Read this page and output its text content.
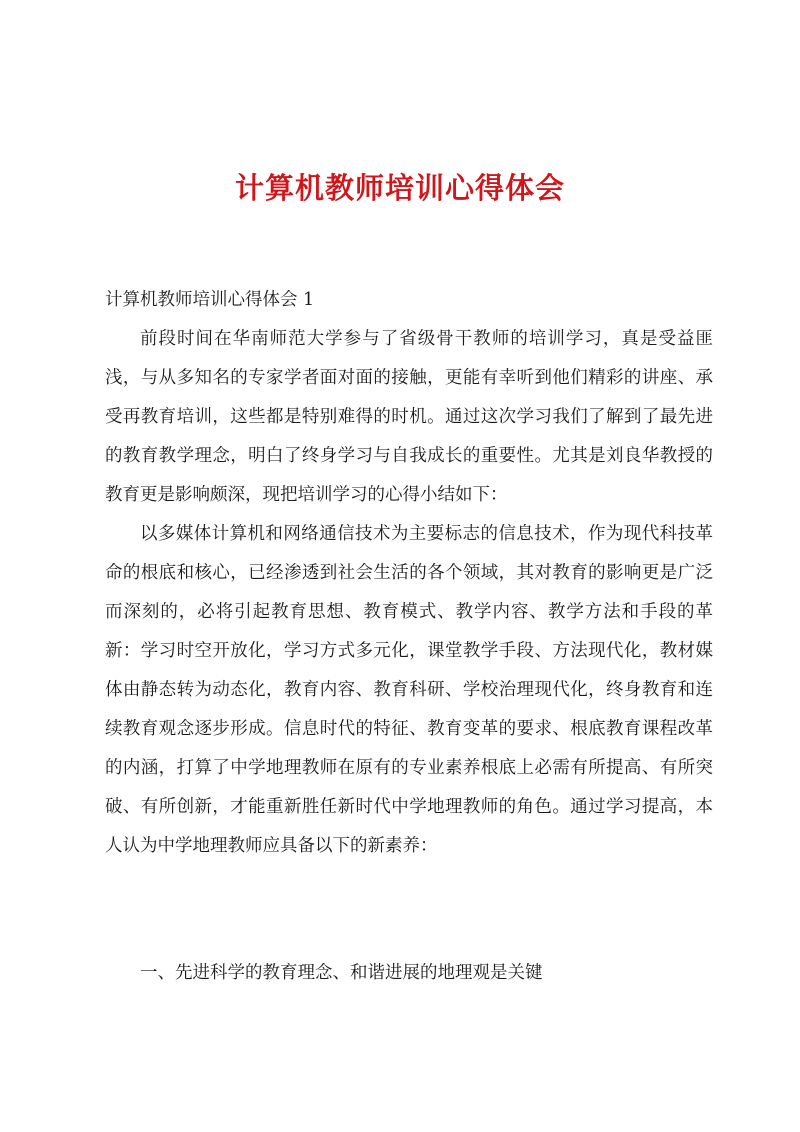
计算机教师培训心得体会
计算机教师培训心得体会 1

前段时间在华南师范大学参与了省级骨干教师的培训学习，真是受益匪浅，与从多知名的专家学者面对面的接触，更能有幸听到他们精彩的讲座、承受再教育培训，这些都是特别难得的时机。通过这次学习我们了解到了最先进的教育教学理念，明白了终身学习与自我成长的重要性。尤其是刘良华教授的教育更是影响颇深，现把培训学习的心得小结如下：

以多媒体计算机和网络通信技术为主要标志的信息技术，作为现代科技革命的根底和核心，已经渗透到社会生活的各个领域，其对教育的影响更是广泛而深刻的，必将引起教育思想、教育模式、教学内容、教学方法和手段的革新：学习时空开放化，学习方式多元化，课堂教学手段、方法现代化，教材媒体由静态转为动态化，教育内容、教育科研、学校治理现代化，终身教育和连续教育观念逐步形成。信息时代的特征、教育变革的要求、根底教育课程改革的内涵，打算了中学地理教师在原有的专业素养根底上必需有所提高、有所突破、有所创新，才能重新胜任新时代中学地理教师的角色。通过学习提高，本人认为中学地理教师应具备以下的新素养：

一、先进科学的教育理念、和谐进展的地理观是关键
